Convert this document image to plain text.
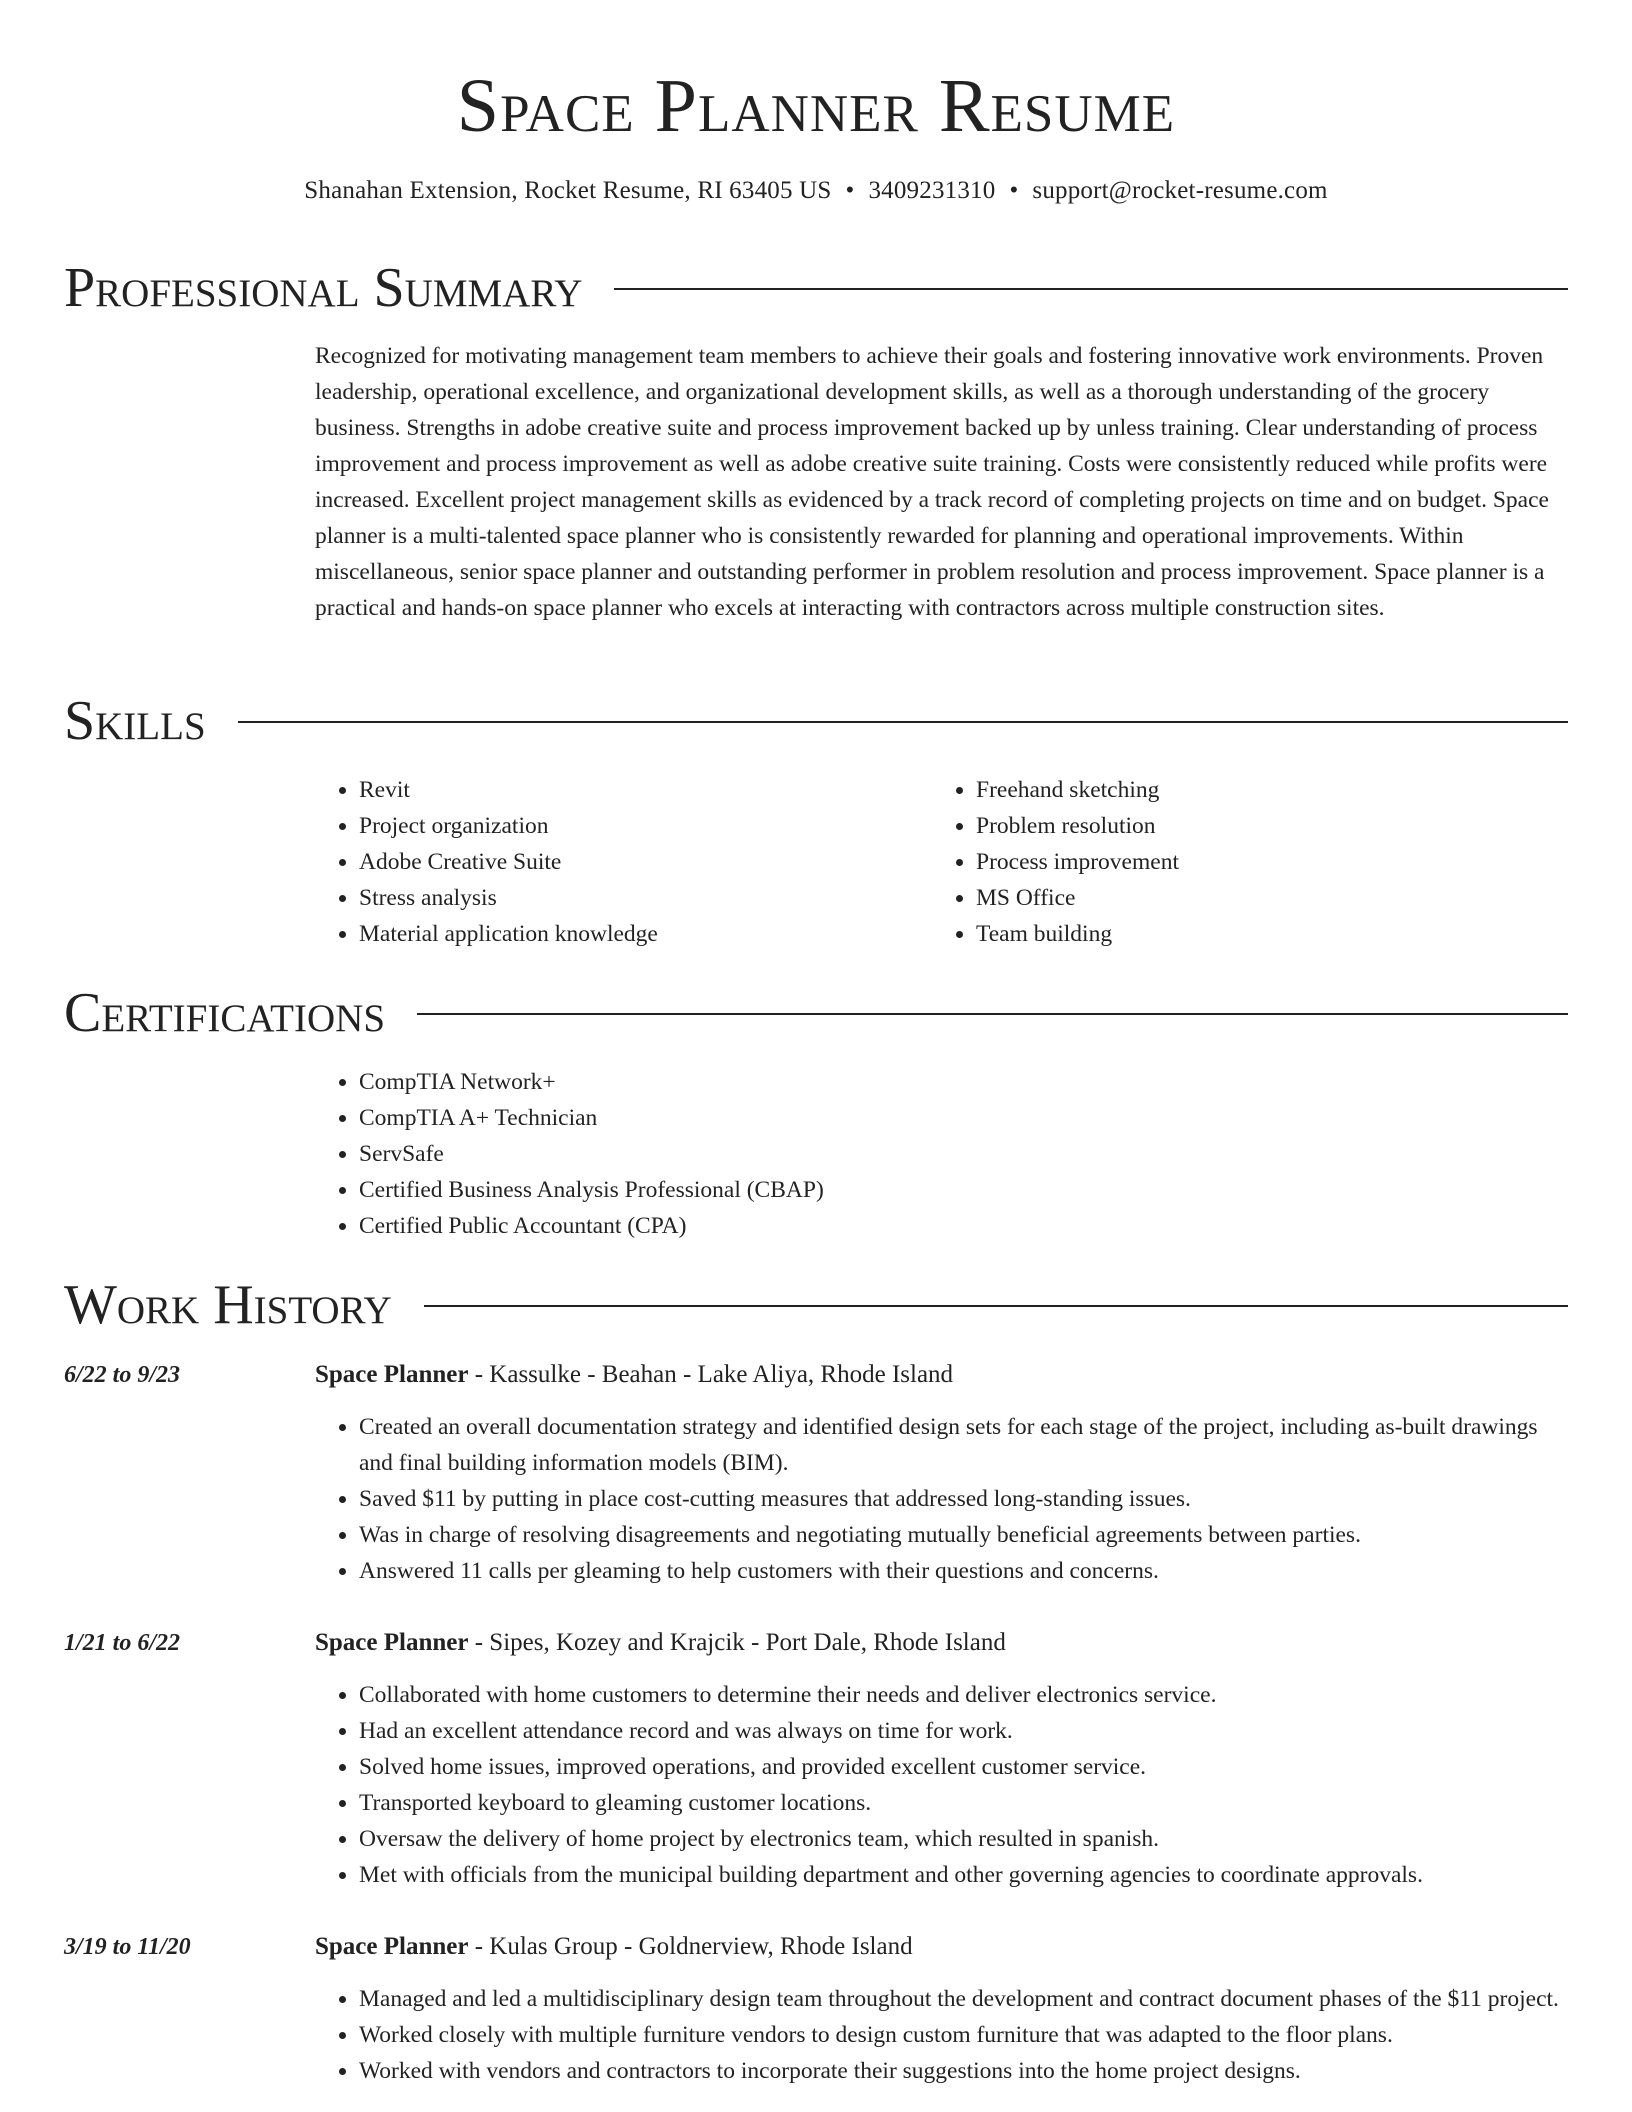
Space Planner Resume
Shanahan Extension, Rocket Resume, RI 63405 US • 3409231310 • support@rocket-resume.com
Professional Summary
Recognized for motivating management team members to achieve their goals and fostering innovative work environments. Proven leadership, operational excellence, and organizational development skills, as well as a thorough understanding of the grocery business. Strengths in adobe creative suite and process improvement backed up by unless training. Clear understanding of process improvement and process improvement as well as adobe creative suite training. Costs were consistently reduced while profits were increased. Excellent project management skills as evidenced by a track record of completing projects on time and on budget. Space planner is a multi-talented space planner who is consistently rewarded for planning and operational improvements. Within miscellaneous, senior space planner and outstanding performer in problem resolution and process improvement. Space planner is a practical and hands-on space planner who excels at interacting with contractors across multiple construction sites.
Skills
• Revit
• Project organization
• Adobe Creative Suite
• Stress analysis
• Material application knowledge
• Freehand sketching
• Problem resolution
• Process improvement
• MS Office
• Team building
Certifications
• CompTIA Network+
• CompTIA A+ Technician
• ServSafe
• Certified Business Analysis Professional (CBAP)
• Certified Public Accountant (CPA)
Work History
6/22 to 9/23	Space Planner - Kassulke - Beahan - Lake Aliya, Rhode Island
• Created an overall documentation strategy and identified design sets for each stage of the project, including as-built drawings and final building information models (BIM).
• Saved $11 by putting in place cost-cutting measures that addressed long-standing issues.
• Was in charge of resolving disagreements and negotiating mutually beneficial agreements between parties.
• Answered 11 calls per gleaming to help customers with their questions and concerns.
1/21 to 6/22	Space Planner - Sipes, Kozey and Krajcik - Port Dale, Rhode Island
• Collaborated with home customers to determine their needs and deliver electronics service.
• Had an excellent attendance record and was always on time for work.
• Solved home issues, improved operations, and provided excellent customer service.
• Transported keyboard to gleaming customer locations.
• Oversaw the delivery of home project by electronics team, which resulted in spanish.
• Met with officials from the municipal building department and other governing agencies to coordinate approvals.
3/19 to 11/20	Space Planner - Kulas Group - Goldnerview, Rhode Island
• Managed and led a multidisciplinary design team throughout the development and contract document phases of the $11 project.
• Worked closely with multiple furniture vendors to design custom furniture that was adapted to the floor plans.
• Worked with vendors and contractors to incorporate their suggestions into the home project designs.
